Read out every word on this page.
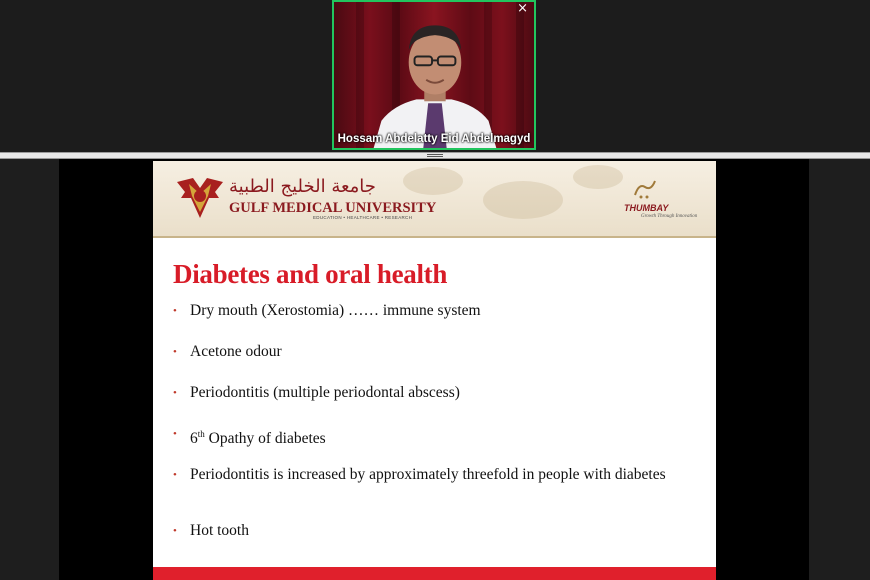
×
Hossam Abdelatty Eid Abdelmagyd
جامعة الخليج الطبية
GULF MEDICAL UNIVERSITY
EDUCATION • HEALTHCARE • RESEARCH
THUMBAY
Growth Through Innovation
Diabetes and oral health
• Dry mouth (Xerostomia) …… immune system
• Acetone odour
• Periodontitis (multiple periodontal abscess)
• 6th Opathy of diabetes
• Periodontitis is increased by approximately threefold in people with diabetes
• Hot tooth
